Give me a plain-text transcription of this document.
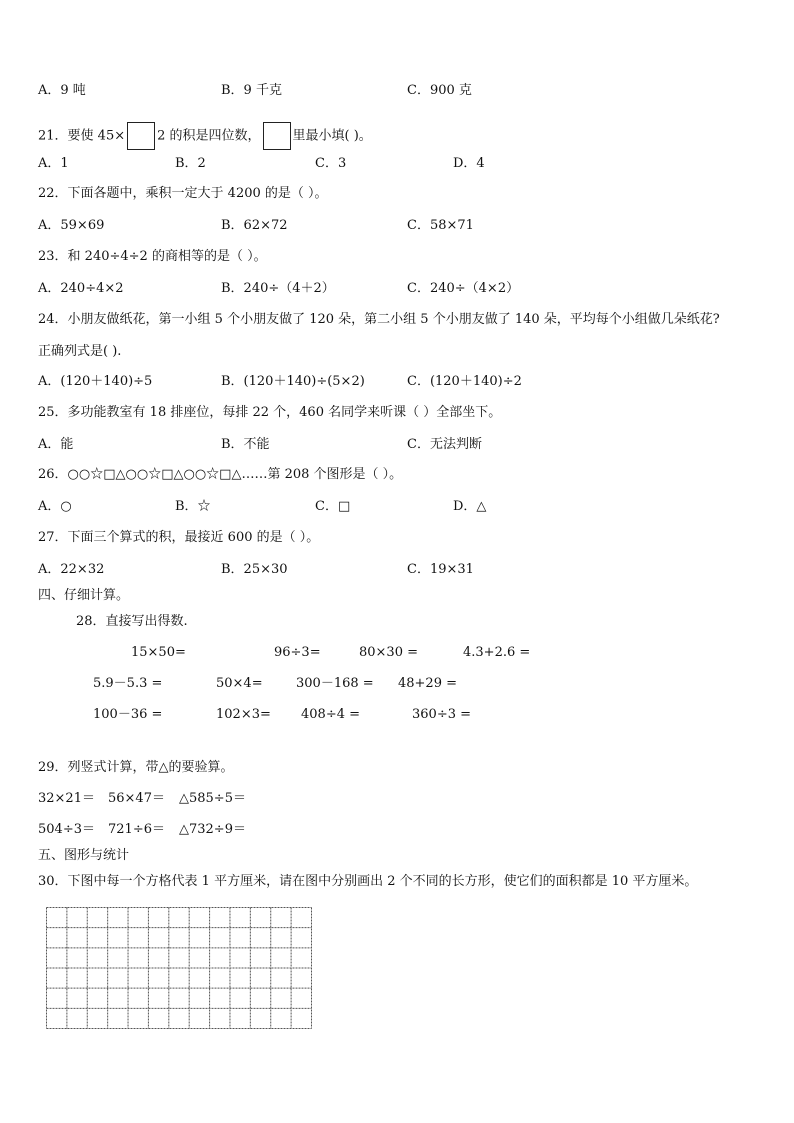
A．9 吨	B．9 千克	C．900 克
21．要使 45× 2 的积是四位数， 里最小填( )。
A．1	B．2	C．3	D．4
22．下面各题中，乘积一定大于 4200 的是（ ）。
A．59×69	B．62×72	C．58×71
23．和 240÷4÷2 的商相等的是（ ）。
A．240÷4×2	B．240÷（4＋2）	C．240÷（4×2）
24．小朋友做纸花，第一小组 5 个小朋友做了 120 朵，第二小组 5 个小朋友做了 140 朵，平均每个小组做几朵纸花?
正确列式是( ).
A．(120＋140)÷5	B．(120＋140)÷(5×2)	C．(120＋140)÷2
25．多功能教室有 18 排座位，每排 22 个，460 名同学来听课（ ）全部坐下。
A．能	B．不能	C．无法判断
26．○○☆□△○○☆□△○○☆□△……第 208 个图形是（ ）。
A．○	B．☆	C．□	D．△
27．下面三个算式的积，最接近 600 的是（ ）。
A．22×32	B．25×30	C．19×31
四、仔细计算。
28．直接写出得数.
15×50=	96÷3=	80×30 =	4.3+2.6 =
5.9－5.3 =	50×4=	300－168 = 48+29 =
100－36 =	102×3= 408÷4 =	360÷3 =
29．列竖式计算，带△的要验算。
32×21＝ 56×47＝ △585÷5＝
504÷3＝ 721÷6＝ △732÷9＝
五、图形与统计
30．下图中每一个方格代表 1 平方厘米，请在图中分别画出 2 个不同的长方形，使它们的面积都是 10 平方厘米。
